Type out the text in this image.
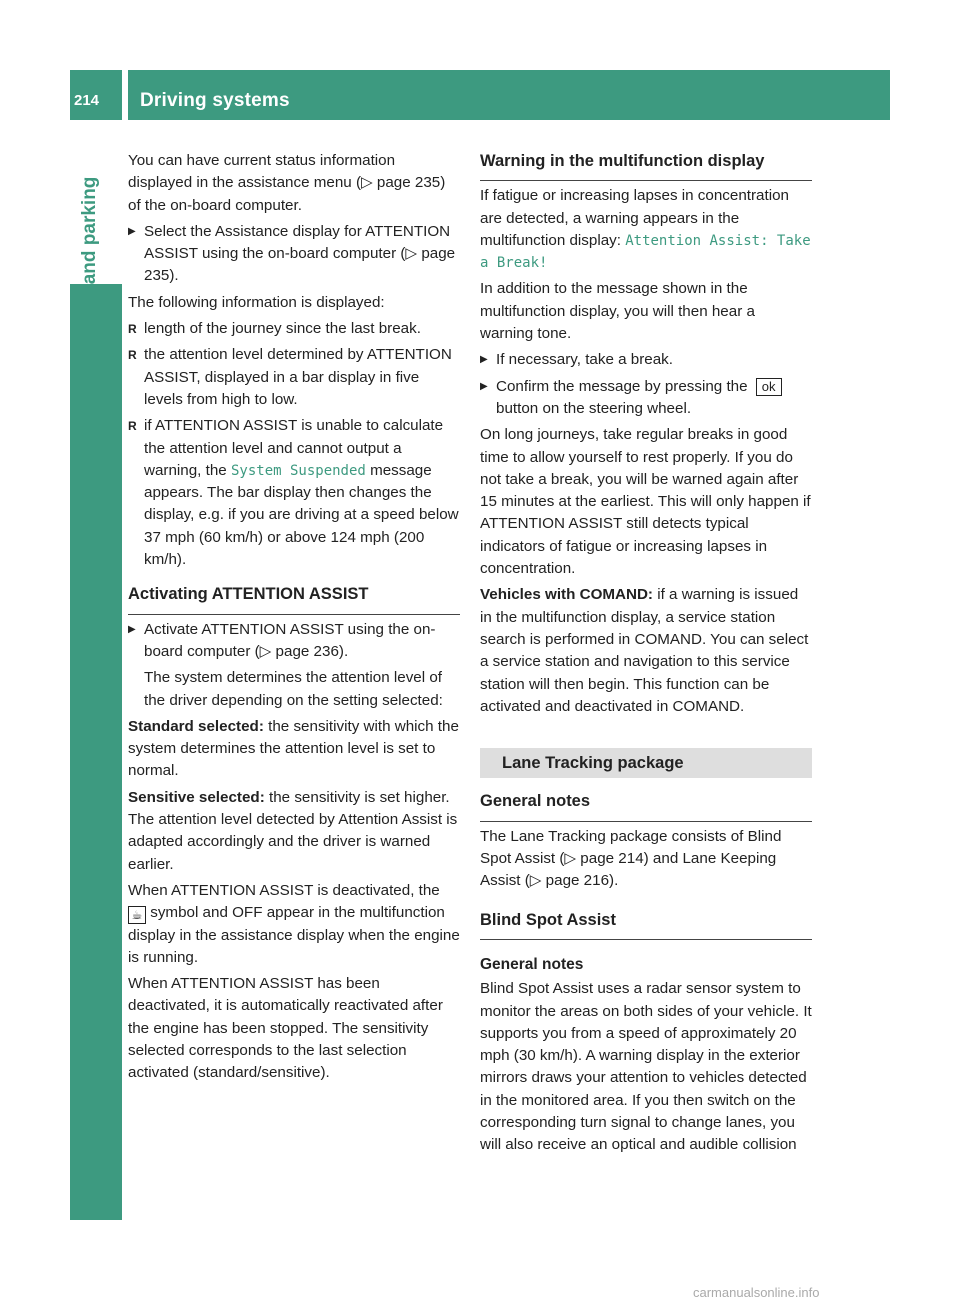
214 Driving systems

You can have current status information displayed in the assistance menu (▷ page 235) of the on-board computer.

▶ Select the Assistance display for ATTENTION ASSIST using the on-board computer (▷ page 235).

The following information is displayed:

R length of the journey since the last break.
R the attention level determined by ATTENTION ASSIST, displayed in a bar display in five levels from high to low.
R if ATTENTION ASSIST is unable to calculate the attention level and cannot output a warning, the System Suspended message appears. The bar display then changes the display, e.g. if you are driving at a speed below 37 mph (60 km/h) or above 124 mph (200 km/h).
Activating ATTENTION ASSIST
▶ Activate ATTENTION ASSIST using the on-board computer (▷ page 236).

The system determines the attention level of the driver depending on the setting selected:

Standard selected: the sensitivity with which the system determines the attention level is set to normal.

Sensitive selected: the sensitivity is set higher. The attention level detected by Attention Assist is adapted accordingly and the driver is warned earlier.

When ATTENTION ASSIST is deactivated, the ☕ symbol and OFF appear in the multifunction display in the assistance display when the engine is running.

When ATTENTION ASSIST has been deactivated, it is automatically reactivated after the engine has been stopped. The sensitivity selected corresponds to the last selection activated (standard/sensitive).

Warning in the multifunction display

If fatigue or increasing lapses in concentration are detected, a warning appears in the multifunction display: Attention Assist: Take a Break!

In addition to the message shown in the multifunction display, you will then hear a warning tone.

▶ If necessary, take a break.
▶ Confirm the message by pressing the ok button on the steering wheel.

On long journeys, take regular breaks in good time to allow yourself to rest properly. If you do not take a break, you will be warned again after 15 minutes at the earliest. This will only happen if ATTENTION ASSIST still detects typical indicators of fatigue or increasing lapses in concentration.

Vehicles with COMAND: if a warning is issued in the multifunction display, a service station search is performed in COMAND. You can select a service station and navigation to this service station will then begin. This function can be activated and deactivated in COMAND.

Lane Tracking package
General notes

The Lane Tracking package consists of Blind Spot Assist (▷ page 214) and Lane Keeping Assist (▷ page 216).

Blind Spot Assist
General notes

Blind Spot Assist uses a radar sensor system to monitor the areas on both sides of your vehicle. It supports you from a speed of approximately 20 mph (30 km/h). A warning display in the exterior mirrors draws your attention to vehicles detected in the monitored area. If you then switch on the corresponding turn signal to change lanes, you will also receive an optical and audible collision

carmanualsonline.info
